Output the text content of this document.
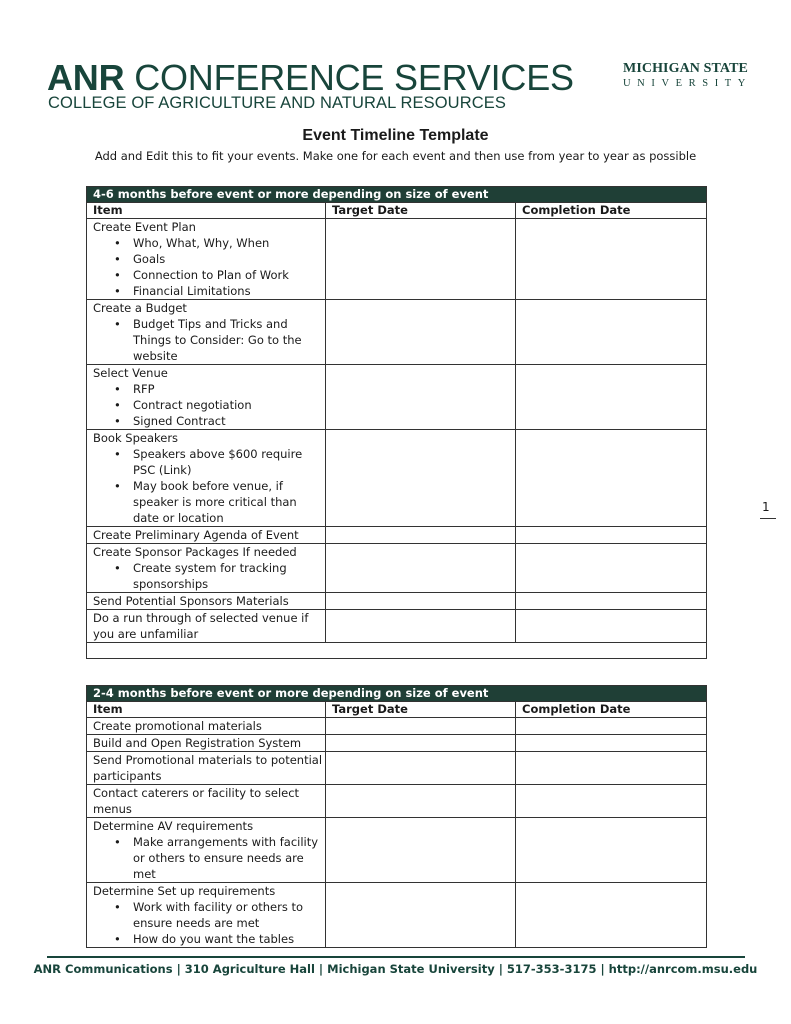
ANR CONFERENCE SERVICES
COLLEGE OF AGRICULTURE AND NATURAL RESOURCES
MICHIGAN STATE
UNIVERSITY
Event Timeline Template
Add and Edit this to fit your events. Make one for each event and then use from year to year as possible
4-6 months before event or more depending on size of event		
Item	Target Date	Completion Date

Create Event Plan
• Who, What, Why, When
• Goals
• Connection to Plan of Work
• Financial Limitations

Create a Budget
• Budget Tips and Tricks and Things to Consider: Go to the website

Select Venue
• RFP
• Contract negotiation
• Signed Contract

Book Speakers
• Speakers above $600 require PSC (Link)
• May book before venue, if speaker is more critical than date or location

Create Preliminary Agenda of Event		

Create Sponsor Packages If needed
• Create system for tracking sponsorships

Send Potential Sponsors Materials		

Do a run through of selected venue if you are unfamiliar		

2-4 months before event or more depending on size of event		
Item	Target Date	Completion Date

Create promotional materials		

Build and Open Registration System		

Send Promotional materials to potential participants		

Contact caterers or facility to select menus		

Determine AV requirements
• Make arrangements with facility or others to ensure needs are met

Determine Set up requirements
• Work with facility or others to ensure needs are met
• How do you want the tables

1
ANR Communications | 310 Agriculture Hall | Michigan State University | 517-353-3175 | http://anrcom.msu.edu
